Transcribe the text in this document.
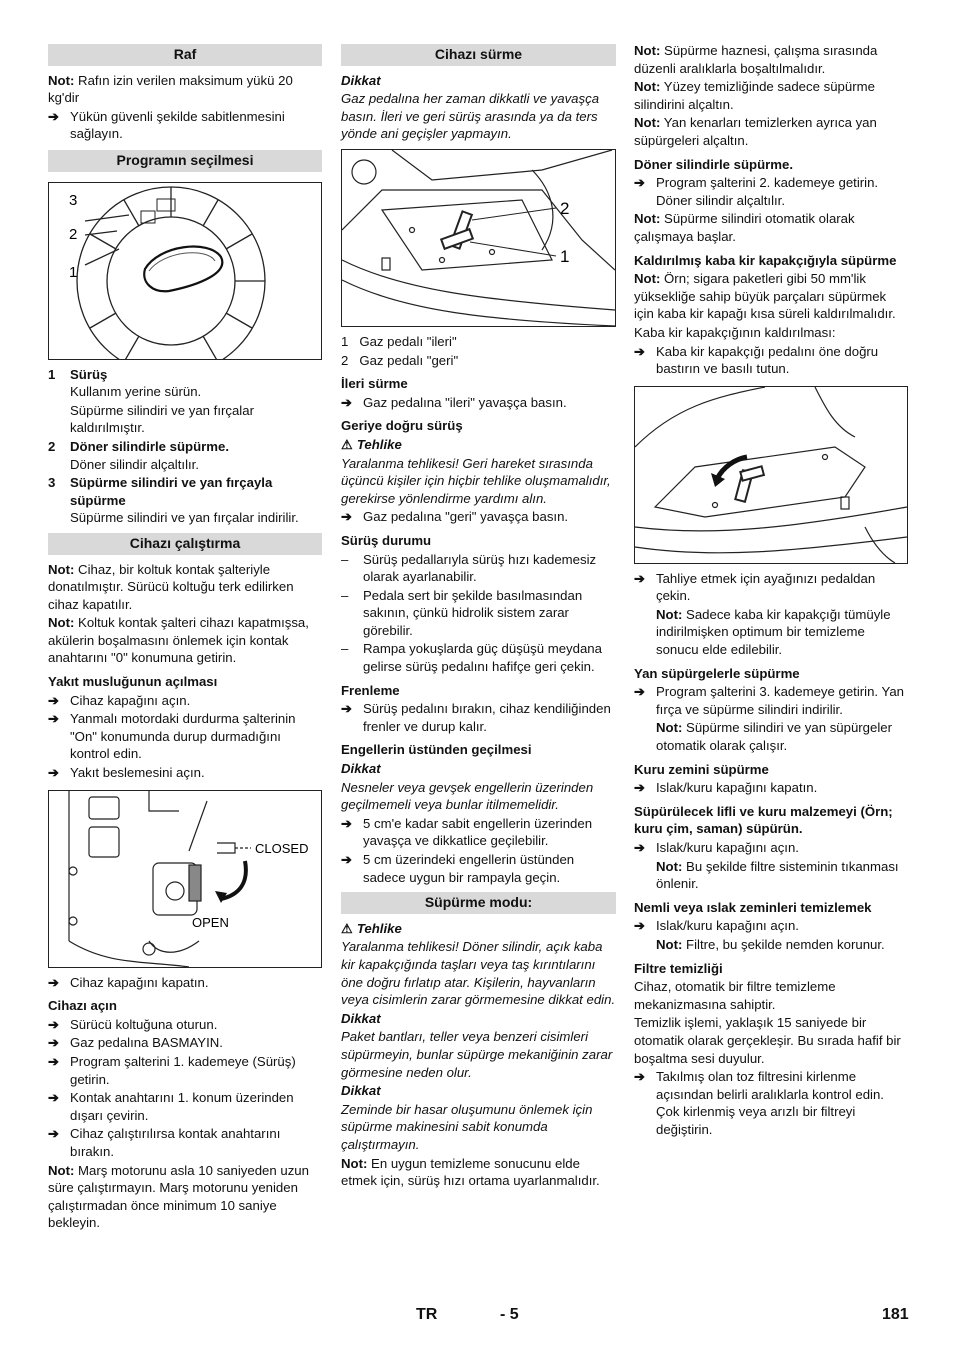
Raf

Not: Rafın izin verilen maksimum yükü 20 kg'dir

➔ Yükün güvenli şekilde sabitlenmesini sağlayın.

Programın seçilmesi
3
2
1
1 Sürüş

Kullanım yerine sürün.

Süpürme silindiri ve yan fırçalar kaldırılmıştır.

2 Döner silindirle süpürme.

Döner silindir alçaltılır.

3 Süpürme silindiri ve yan fırçayla süpürme

Süpürme silindiri ve yan fırçalar indirilir.

Cihazı çalıştırma

Not: Cihaz, bir koltuk kontak şalteriyle donatılmıştır. Sürücü koltuğu terk edilirken cihaz kapatılır.

Not: Koltuk kontak şalteri cihazı kapatmışsa, akülerin boşalmasını önlemek için kontak anahtarını "0" konumuna getirin.

Yakıt musluğunun açılması

➔ Cihaz kapağını açın.

➔ Yanmalı motordaki durdurma şalterinin "On" konumunda durup durmadığını kontrol edin.

➔ Yakıt beslemesini açın.

CLOSED
OPEN

➔ Cihaz kapağını kapatın.

Cihazı açın

➔ Sürücü koltuğuna oturun.

➔ Gaz pedalına BASMAYIN.

➔ Program şalterini 1. kademeye (Sürüş) getirin.

➔ Kontak anahtarını 1. konum üzerinden dışarı çevirin.

➔ Cihaz çalıştırılırsa kontak anahtarını bırakın.

Not: Marş motorunu asla 10 saniyeden uzun süre çalıştırmayın. Marş motorunu yeniden çalıştırmadan önce minimum 10 saniye bekleyin.

Cihazı sürme

Dikkat

Gaz pedalına her zaman dikkatli ve yavaşça basın. İleri ve geri sürüş arasında ya da ters yönde ani geçişler yapmayın.

2
1

1   Gaz pedalı "ileri"

2   Gaz pedalı "geri"

İleri sürme

➔ Gaz pedalına "ileri" yavaşça basın.

Geriye doğru sürüş

⚠ Tehlike

Yaralanma tehlikesi! Geri hareket sırasında üçüncü kişiler için hiçbir tehlike oluşmamalıdır, gerekirse yönlendirme yardımı alın.

➔ Gaz pedalına "geri" yavaşça basın.

Sürüş durumu

– Sürüş pedallarıyla sürüş hızı kademesiz olarak ayarlanabilir.

– Pedala sert bir şekilde basılmasından sakının, çünkü hidrolik sistem zarar görebilir.

– Rampa yokuşlarda güç düşüşü meydana gelirse sürüş pedalını hafifçe geri çekin.

Frenleme

➔ Sürüş pedalını bırakın, cihaz kendiliğinden frenler ve durup kalır.

Engellerin üstünden geçilmesi

Dikkat

Nesneler veya gevşek engellerin üzerinden geçilmemeli veya bunlar itilmemelidir.

➔ 5 cm'e kadar sabit engellerin üzerinden yavaşça ve dikkatlice geçilebilir.

➔ 5 cm üzerindeki engellerin üstünden sadece uygun bir rampayla geçin.

Süpürme modu:

⚠ Tehlike

Yaralanma tehlikesi! Döner silindir, açık kaba kir kapakçığında taşları veya taş kırıntılarını öne doğru fırlatıp atar. Kişilerin, hayvanların veya cisimlerin zarar görmemesine dikkat edin.

Dikkat

Paket bantları, teller veya benzeri cisimleri süpürmeyin, bunlar süpürge mekaniğinin zarar görmesine neden olur.

Dikkat

Zeminde bir hasar oluşumunu önlemek için süpürme makinesini sabit konumda çalıştırmayın.

Not: En uygun temizleme sonucunu elde etmek için, sürüş hızı ortama uyarlanmalıdır.

Not: Süpürme haznesi, çalışma sırasında düzenli aralıklarla boşaltılmalıdır.

Not: Yüzey temizliğinde sadece süpürme silindirini alçaltın.

Not: Yan kenarları temizlerken ayrıca yan süpürgeleri alçaltın.

Döner silindirle süpürme.

➔ Program şalterini 2. kademeye getirin. Döner silindir alçaltılır.

Not: Süpürme silindiri otomatik olarak çalışmaya başlar.

Kaldırılmış kaba kir kapakçığıyla süpürme

Not: Örn; sigara paketleri gibi 50 mm'lik yüksekliğe sahip büyük parçaları süpürmek için kaba kir kapağı kısa süreli kaldırılmalıdır.

Kaba kir kapakçığının kaldırılması:

➔ Kaba kir kapakçığı pedalını öne doğru bastırın ve basılı tutun.

➔ Tahliye etmek için ayağınızı pedaldan çekin.

Not: Sadece kaba kir kapakçığı tümüyle indirilmişken optimum bir temizleme sonucu elde edilebilir.

Yan süpürgelerle süpürme

➔ Program şalterini 3. kademeye getirin. Yan fırça ve süpürme silindiri indirilir.

Not: Süpürme silindiri ve yan süpürgeler otomatik olarak çalışır.

Kuru zemini süpürme

➔ Islak/kuru kapağını kapatın.

Süpürülecek lifli ve kuru malzemeyi (Örn; kuru çim, saman) süpürün.

➔ Islak/kuru kapağını açın.

Not: Bu şekilde filtre sisteminin tıkanması önlenir.

Nemli veya ıslak zeminleri temizlemek

➔ Islak/kuru kapağını açın.

Not: Filtre, bu şekilde nemden korunur.

Filtre temizliği

Cihaz, otomatik bir filtre temizleme mekanizmasına sahiptir.

Temizlik işlemi, yaklaşık 15 saniyede bir otomatik olarak gerçekleşir. Bu sırada hafif bir boşaltma sesi duyulur.

➔ Takılmış olan toz filtresini kirlenme açısından belirli aralıklarla kontrol edin. Çok kirlenmiş veya arızlı bir filtreyi değiştirin.

TR	- 5	181
